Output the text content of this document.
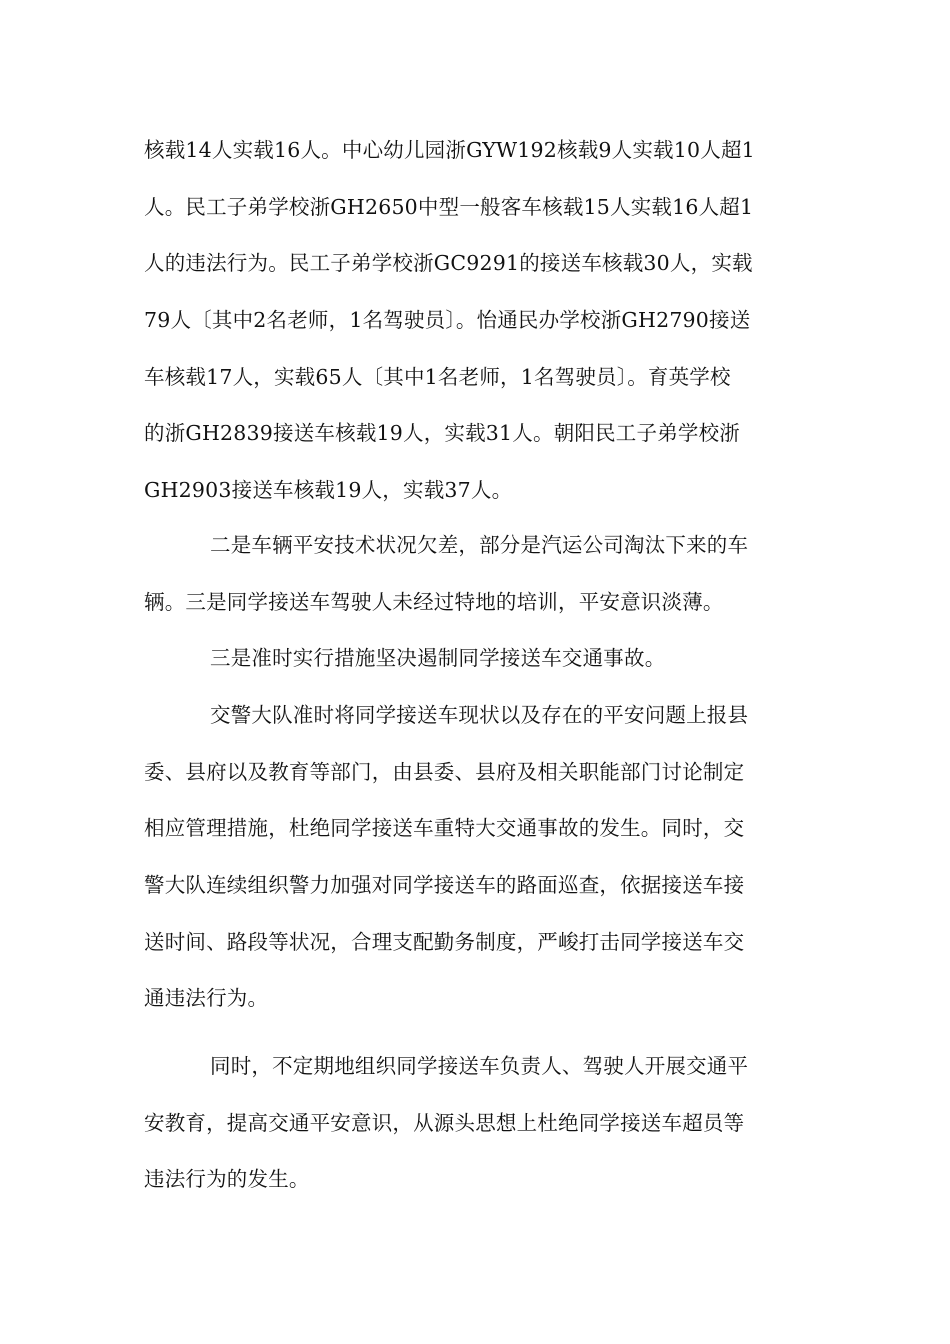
核载14人实载16人。中心幼儿园浙GYW192核载9人实载10人超1
人。民工子弟学校浙GH2650中型一般客车核载15人实载16人超1
人的违法行为。民工子弟学校浙GC9291的接送车核载30人，实载
79人〔其中2名老师，1名驾驶员〕。怡通民办学校浙GH2790接送
车核载17人，实载65人〔其中1名老师，1名驾驶员〕。育英学校
的浙GH2839接送车核载19人，实载31人。朝阳民工子弟学校浙
GH2903接送车核载19人，实载37人。
二是车辆平安技术状况欠差，部分是汽运公司淘汰下来的车
辆。三是同学接送车驾驶人未经过特地的培训，平安意识淡薄。
三是准时实行措施坚决遏制同学接送车交通事故。
交警大队准时将同学接送车现状以及存在的平安问题上报县
委、县府以及教育等部门，由县委、县府及相关职能部门讨论制定
相应管理措施，杜绝同学接送车重特大交通事故的发生。同时，交
警大队连续组织警力加强对同学接送车的路面巡查，依据接送车接
送时间、路段等状况，合理支配勤务制度，严峻打击同学接送车交
通违法行为。
同时，不定期地组织同学接送车负责人、驾驶人开展交通平
安教育，提高交通平安意识，从源头思想上杜绝同学接送车超员等
违法行为的发生。
